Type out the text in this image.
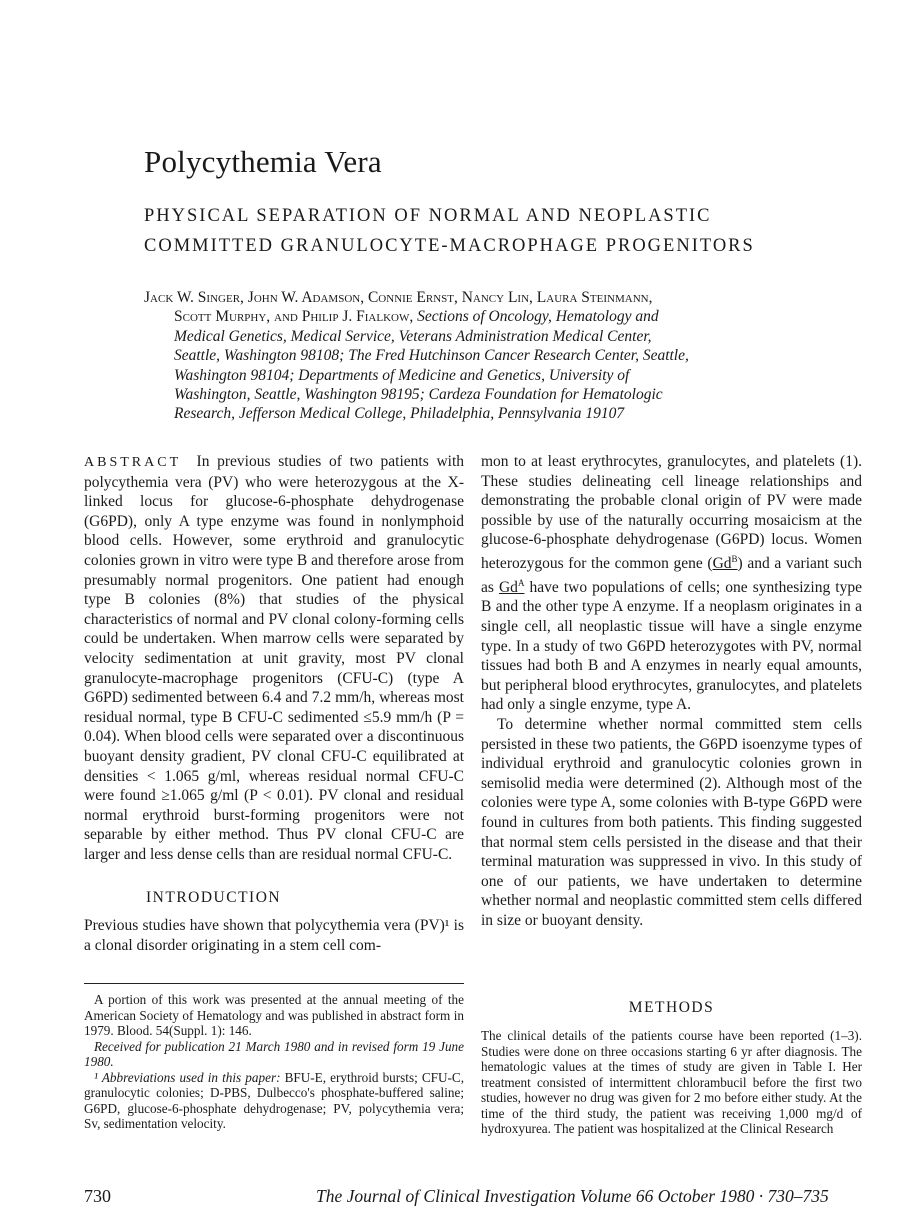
Polycythemia Vera
PHYSICAL SEPARATION OF NORMAL AND NEOPLASTIC
COMMITTED GRANULOCYTE-MACROPHAGE PROGENITORS
Jack W. Singer, John W. Adamson, Connie Ernst, Nancy Lin, Laura Steinmann,
Scott Murphy, and Philip J. Fialkow, Sections of Oncology, Hematology and
Medical Genetics, Medical Service, Veterans Administration Medical Center,
Seattle, Washington 98108; The Fred Hutchinson Cancer Research Center, Seattle,
Washington 98104; Departments of Medicine and Genetics, University of
Washington, Seattle, Washington 98195; Cardeza Foundation for Hematologic
Research, Jefferson Medical College, Philadelphia, Pennsylvania 19107

ABSTRACT In previous studies of two patients with polycythemia vera (PV) who were heterozygous at the X-linked locus for glucose-6-phosphate dehydrogenase (G6PD), only A type enzyme was found in nonlymphoid blood cells. However, some erythroid and granulocytic colonies grown in vitro were type B and therefore arose from presumably normal progenitors. One patient had enough type B colonies (8%) that studies of the physical characteristics of normal and PV clonal colony-forming cells could be undertaken. When marrow cells were separated by velocity sedimentation at unit gravity, most PV clonal granulocyte-macrophage progenitors (CFU-C) (type A G6PD) sedimented between 6.4 and 7.2 mm/h, whereas most residual normal, type B CFU-C sedimented ≤5.9 mm/h (P = 0.04). When blood cells were separated over a discontinuous buoyant density gradient, PV clonal CFU-C equilibrated at densities < 1.065 g/ml, whereas residual normal CFU-C were found ≥1.065 g/ml (P < 0.01). PV clonal and residual normal erythroid burst-forming progenitors were not separable by either method. Thus PV clonal CFU-C are larger and less dense cells than are residual normal CFU-C.

INTRODUCTION

Previous studies have shown that polycythemia vera (PV)¹ is a clonal disorder originating in a stem cell com-

A portion of this work was presented at the annual meeting of the American Society of Hematology and was published in abstract form in 1979. Blood. 54(Suppl. 1): 146.

Received for publication 21 March 1980 and in revised form 19 June 1980.

¹ Abbreviations used in this paper: BFU-E, erythroid bursts; CFU-C, granulocytic colonies; D-PBS, Dulbecco's phosphate-buffered saline; G6PD, glucose-6-phosphate dehydrogenase; PV, polycythemia vera; Sv, sedimentation velocity.

mon to at least erythrocytes, granulocytes, and platelets (1). These studies delineating cell lineage relationships and demonstrating the probable clonal origin of PV were made possible by use of the naturally occurring mosaicism at the glucose-6-phosphate dehydrogenase (G6PD) locus. Women heterozygous for the common gene $(Gd^B)$ and a variant such as $Gd^A$ have two populations of cells; one synthesizing type B and the other type A enzyme. If a neoplasm originates in a single cell, all neoplastic tissue will have a single enzyme type. In a study of two G6PD heterozygotes with PV, normal tissues had both B and A enzymes in nearly equal amounts, but peripheral blood erythrocytes, granulocytes, and platelets had only a single enzyme, type A.

To determine whether normal committed stem cells persisted in these two patients, the G6PD isoenzyme types of individual erythroid and granulocytic colonies grown in semisolid media were determined (2). Although most of the colonies were type A, some colonies with B-type G6PD were found in cultures from both patients. This finding suggested that normal stem cells persisted in the disease and that their terminal maturation was suppressed in vivo. In this study of one of our patients, we have undertaken to determine whether normal and neoplastic committed stem cells differed in size or buoyant density.

METHODS

The clinical details of the patients course have been reported (1–3). Studies were done on three occasions starting 6 yr after diagnosis. The hematologic values at the times of study are given in Table I. Her treatment consisted of intermittent chlorambucil before the first two studies, however no drug was given for 2 mo before either study. At the time of the third study, the patient was receiving 1,000 mg/d of hydroxyurea. The patient was hospitalized at the Clinical Research

730	The Journal of Clinical Investigation Volume 66 October 1980 · 730–735
